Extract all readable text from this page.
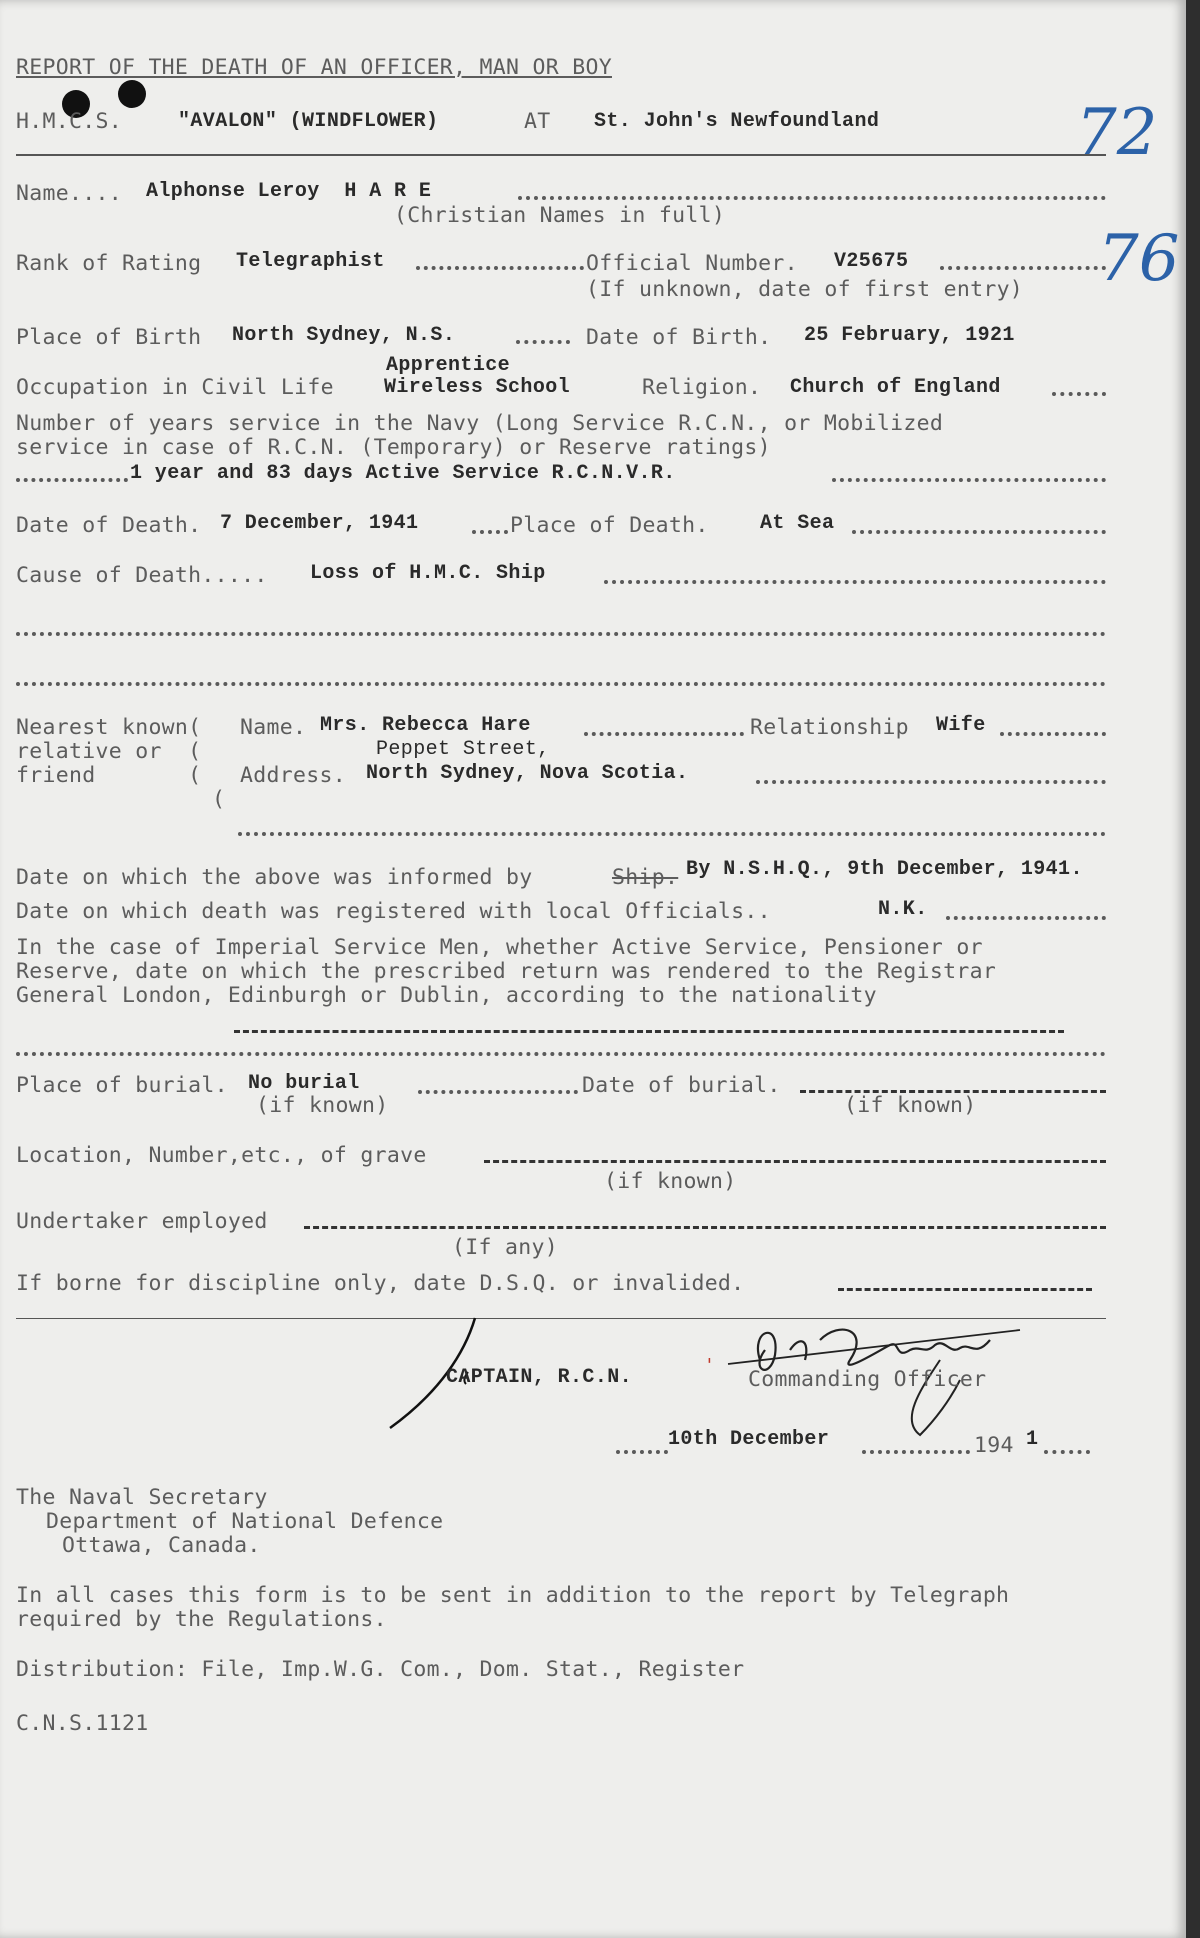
REPORT OF THE DEATH OF AN OFFICER, MAN OR BOY
H.M.C.S.	"AVALON" (WINDFLOWER)	AT St. John's Newfoundland	72
76
Name.... Alphonse Leroy  H A R E
(Christian Names in full)
Rank of Rating Telegraphist	Official Number. V25675
(If unknown, date of first entry)
Place of Birth North Sydney, N.S.	Date of Birth. 25 February, 1921
Apprentice
Occupation in Civil Life	Wireless School	Religion. Church of England
Number of years service in the Navy (Long Service R.C.N., or Mobilized
service in case of R.C.N. (Temporary) or Reserve ratings)
1 year and 83 days Active Service R.C.N.V.R.
Date of Death. 7 December, 1941	Place of Death.	At Sea
Cause of Death..... Loss of H.M.C. Ship
Nearest known(
relative or  (
friend       (
(
Name. Mrs. Rebecca Hare	Relationship Wife
Peppet Street,
Address. North Sydney, Nova Scotia.
Date on which the above was informed by	Ship. By N.S.H.Q., 9th December, 1941.
Date on which death was registered with local Officials..	N.K.
In the case of Imperial Service Men, whether Active Service, Pensioner or
Reserve, date on which the prescribed return was rendered to the Registrar
General London, Edinburgh or Dublin, according to the nationality
Place of burial. No burial
(if known)
Date of burial.
(if known)
Location, Number,etc., of grave
(if known)
Undertaker employed
(If any)
If borne for discipline only, date D.S.Q. or invalided.
CAPTAIN, R.C.N.	Commanding Officer
'
10th December	194 1
The Naval Secretary
Department of National Defence
Ottawa, Canada.
In all cases this form is to be sent in addition to the report by Telegraph
required by the Regulations.
Distribution: File, Imp.W.G. Com., Dom. Stat., Register
C.N.S.1121
